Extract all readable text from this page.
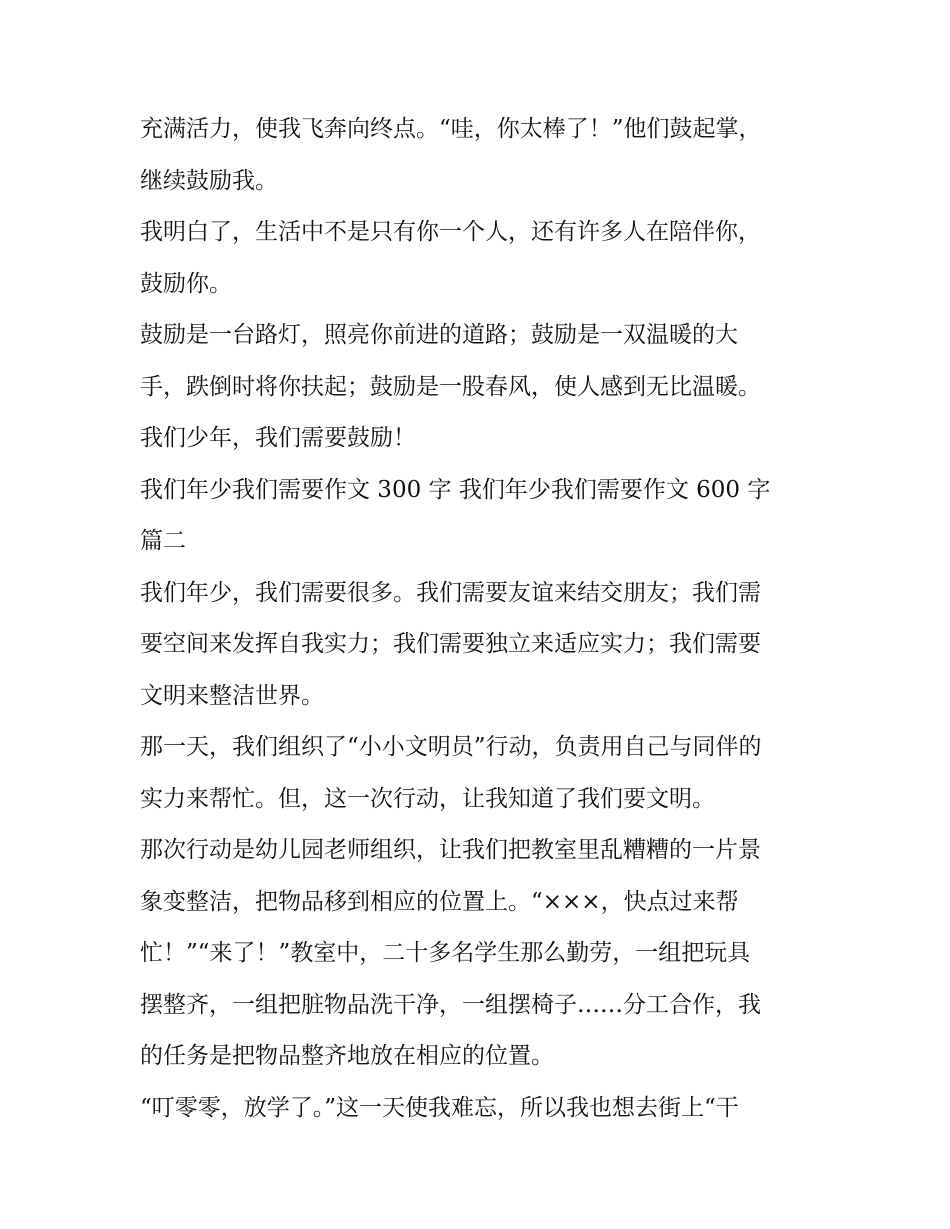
充满活力，使我飞奔向终点。“哇，你太棒了！”他们鼓起掌，

继续鼓励我。

我明白了，生活中不是只有你一个人，还有许多人在陪伴你，

鼓励你。

鼓励是一台路灯，照亮你前进的道路；鼓励是一双温暖的大

手，跌倒时将你扶起；鼓励是一股春风，使人感到无比温暖。

我们少年，我们需要鼓励！

我们年少我们需要作文 300 字 我们年少我们需要作文 600 字

篇二

我们年少，我们需要很多。我们需要友谊来结交朋友；我们需

要空间来发挥自我实力；我们需要独立来适应实力；我们需要

文明来整洁世界。

那一天，我们组织了“小小文明员”行动，负责用自己与同伴的

实力来帮忙。但，这一次行动，让我知道了我们要文明。

那次行动是幼儿园老师组织，让我们把教室里乱糟糟的一片景

象变整洁，把物品移到相应的位置上。“×××，快点过来帮

忙！”“来了！”教室中，二十多名学生那么勤劳，一组把玩具

摆整齐，一组把脏物品洗干净，一组摆椅子……分工合作，我

的任务是把物品整齐地放在相应的位置。

“叮零零，放学了。”这一天使我难忘，所以我也想去街上“干
